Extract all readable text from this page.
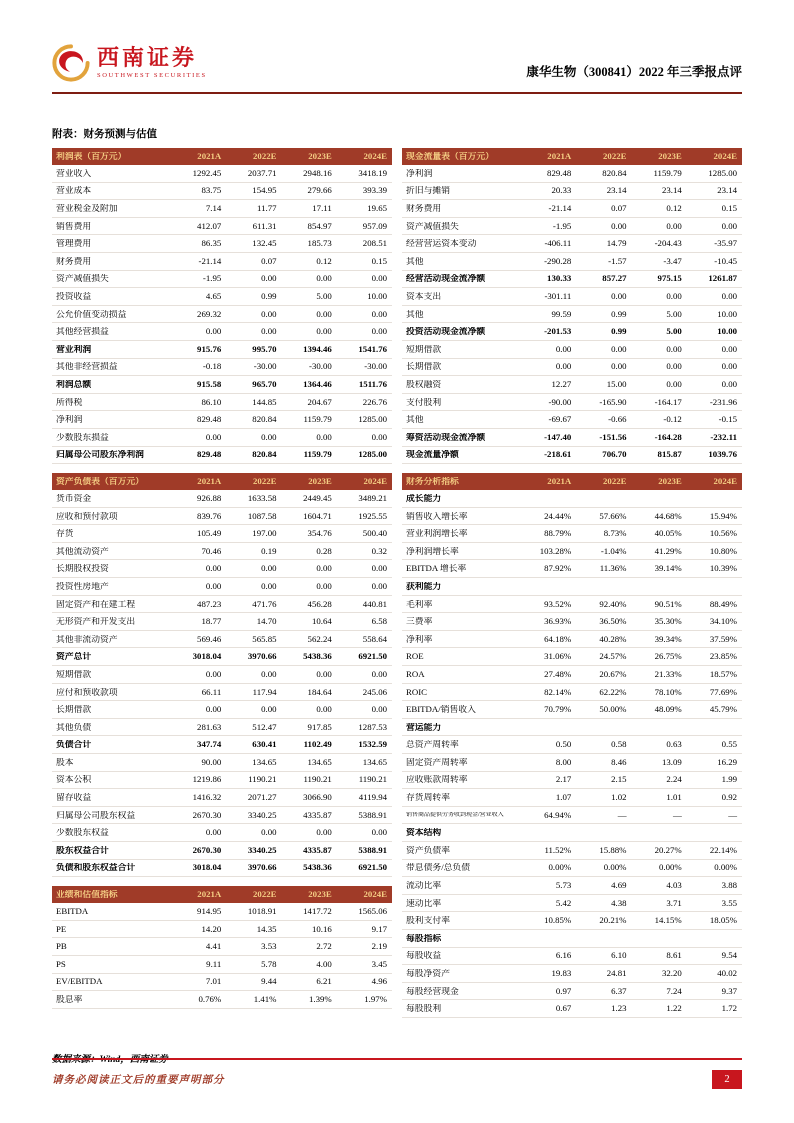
西南证券
SOUTHWEST SECURITIES	康华生物（300841）2022 年三季报点评
附表：财务预测与估值
利润表（百万元）	2021A	2022E	2023E	2024E
营业收入	1292.45	2037.71	2948.16	3418.19
营业成本	83.75	154.95	279.66	393.39
营业税金及附加	7.14	11.77	17.11	19.65
销售费用	412.07	611.31	854.97	957.09
管理费用	86.35	132.45	185.73	208.51
财务费用	-21.14	0.07	0.12	0.15
资产减值损失	-1.95	0.00	0.00	0.00
投资收益	4.65	0.99	5.00	10.00
公允价值变动损益	269.32	0.00	0.00	0.00
其他经营损益	0.00	0.00	0.00	0.00
营业利润	915.76	995.70	1394.46	1541.76
其他非经营损益	-0.18	-30.00	-30.00	-30.00
利润总额	915.58	965.70	1364.46	1511.76
所得税	86.10	144.85	204.67	226.76
净利润	829.48	820.84	1159.79	1285.00
少数股东损益	0.00	0.00	0.00	0.00
归属母公司股东净利润	829.48	820.84	1159.79	1285.00
资产负债表（百万元）	2021A	2022E	2023E	2024E
货币资金	926.88	1633.58	2449.45	3489.21
应收和预付款项	839.76	1087.58	1604.71	1925.55
存货	105.49	197.00	354.76	500.40
其他流动资产	70.46	0.19	0.28	0.32
长期股权投资	0.00	0.00	0.00	0.00
投资性房地产	0.00	0.00	0.00	0.00
固定资产和在建工程	487.23	471.76	456.28	440.81
无形资产和开发支出	18.77	14.70	10.64	6.58
其他非流动资产	569.46	565.85	562.24	558.64
资产总计	3018.04	3970.66	5438.36	6921.50
短期借款	0.00	0.00	0.00	0.00
应付和预收款项	66.11	117.94	184.64	245.06
长期借款	0.00	0.00	0.00	0.00
其他负债	281.63	512.47	917.85	1287.53
负债合计	347.74	630.41	1102.49	1532.59
股本	90.00	134.65	134.65	134.65
资本公积	1219.86	1190.21	1190.21	1190.21
留存收益	1416.32	2071.27	3066.90	4119.94
归属母公司股东权益	2670.30	3340.25	4335.87	5388.91
少数股东权益	0.00	0.00	0.00	0.00
股东权益合计	2670.30	3340.25	4335.87	5388.91
负债和股东权益合计	3018.04	3970.66	5438.36	6921.50
业绩和估值指标	2021A	2022E	2023E	2024E
EBITDA	914.95	1018.91	1417.72	1565.06
PE	14.20	14.35	10.16	9.17
PB	4.41	3.53	2.72	2.19
PS	9.11	5.78	4.00	3.45
EV/EBITDA	7.01	9.44	6.21	4.96
股息率	0.76%	1.41%	1.39%	1.97%
现金流量表（百万元）	2021A	2022E	2023E	2024E
净利润	829.48	820.84	1159.79	1285.00
折旧与摊销	20.33	23.14	23.14	23.14
财务费用	-21.14	0.07	0.12	0.15
资产减值损失	-1.95	0.00	0.00	0.00
经营营运资本变动	-406.11	14.79	-204.43	-35.97
其他	-290.28	-1.57	-3.47	-10.45
经营活动现金流净额	130.33	857.27	975.15	1261.87
资本支出	-301.11	0.00	0.00	0.00
其他	99.59	0.99	5.00	10.00
投资活动现金流净额	-201.53	0.99	5.00	10.00
短期借款	0.00	0.00	0.00	0.00
长期借款	0.00	0.00	0.00	0.00
股权融资	12.27	15.00	0.00	0.00
支付股利	-90.00	-165.90	-164.17	-231.96
其他	-69.67	-0.66	-0.12	-0.15
筹资活动现金流净额	-147.40	-151.56	-164.28	-232.11
现金流量净额	-218.61	706.70	815.87	1039.76
财务分析指标	2021A	2022E	2023E	2024E
成长能力
销售收入增长率	24.44%	57.66%	44.68%	15.94%
营业利润增长率	88.79%	8.73%	40.05%	10.56%
净利润增长率	103.28%	-1.04%	41.29%	10.80%
EBITDA 增长率	87.92%	11.36%	39.14%	10.39%
获利能力
毛利率	93.52%	92.40%	90.51%	88.49%
三费率	36.93%	36.50%	35.30%	34.10%
净利率	64.18%	40.28%	39.34%	37.59%
ROE	31.06%	24.57%	26.75%	23.85%
ROA	27.48%	20.67%	21.33%	18.57%
ROIC	82.14%	62.22%	78.10%	77.69%
EBITDA/销售收入	70.79%	50.00%	48.09%	45.79%
营运能力
总资产周转率	0.50	0.58	0.63	0.55
固定资产周转率	8.00	8.46	13.09	16.29
应收账款周转率	2.17	2.15	2.24	1.99
存货周转率	1.07	1.02	1.01	0.92
销售商品提供劳务收到现金/营业收入	64.94%	—	—	—
资本结构
资产负债率	11.52%	15.88%	20.27%	22.14%
带息债务/总负债	0.00%	0.00%	0.00%	0.00%
流动比率	5.73	4.69	4.03	3.88
速动比率	5.42	4.38	3.71	3.55
股利支付率	10.85%	20.21%	14.15%	18.05%
每股指标
每股收益	6.16	6.10	8.61	9.54
每股净资产	19.83	24.81	32.20	40.02
每股经营现金	0.97	6.37	7.24	9.37
每股股利	0.67	1.23	1.22	1.72
数据来源：Wind，西南证券
请务必阅读正文后的重要声明部分	2
